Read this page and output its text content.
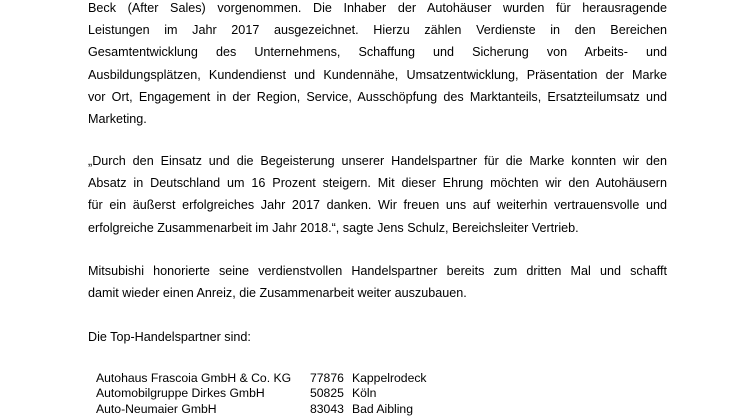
Beck (After Sales) vorgenommen. Die Inhaber der Autohäuser wurden für herausragende
Leistungen im Jahr 2017 ausgezeichnet. Hierzu zählen Verdienste in den Bereichen
Gesamtentwicklung des Unternehmens, Schaffung und Sicherung von Arbeits- und
Ausbildungsplätzen, Kundendienst und Kundennähe, Umsatzentwicklung, Präsentation der Marke
vor Ort, Engagement in der Region, Service, Ausschöpfung des Marktanteils, Ersatzteilumsatz und
Marketing.

„Durch den Einsatz und die Begeisterung unserer Handelspartner für die Marke konnten wir den
Absatz in Deutschland um 16 Prozent steigern. Mit dieser Ehrung möchten wir den Autohäusern
für ein äußerst erfolgreiches Jahr 2017 danken. Wir freuen uns auf weiterhin vertrauensvolle und
erfolgreiche Zusammenarbeit im Jahr 2018.“, sagte Jens Schulz, Bereichsleiter Vertrieb.

Mitsubishi honorierte seine verdienstvollen Handelspartner bereits zum dritten Mal und schafft
damit wieder einen Anreiz, die Zusammenarbeit weiter auszubauen.

Die Top-Handelspartner sind:

Autohaus Frascoia GmbH & Co. KG	77876 Kappelrodeck
Automobilgruppe Dirkes GmbH	50825 Köln
Auto-Neumaier GmbH	83043 Bad Aibling
